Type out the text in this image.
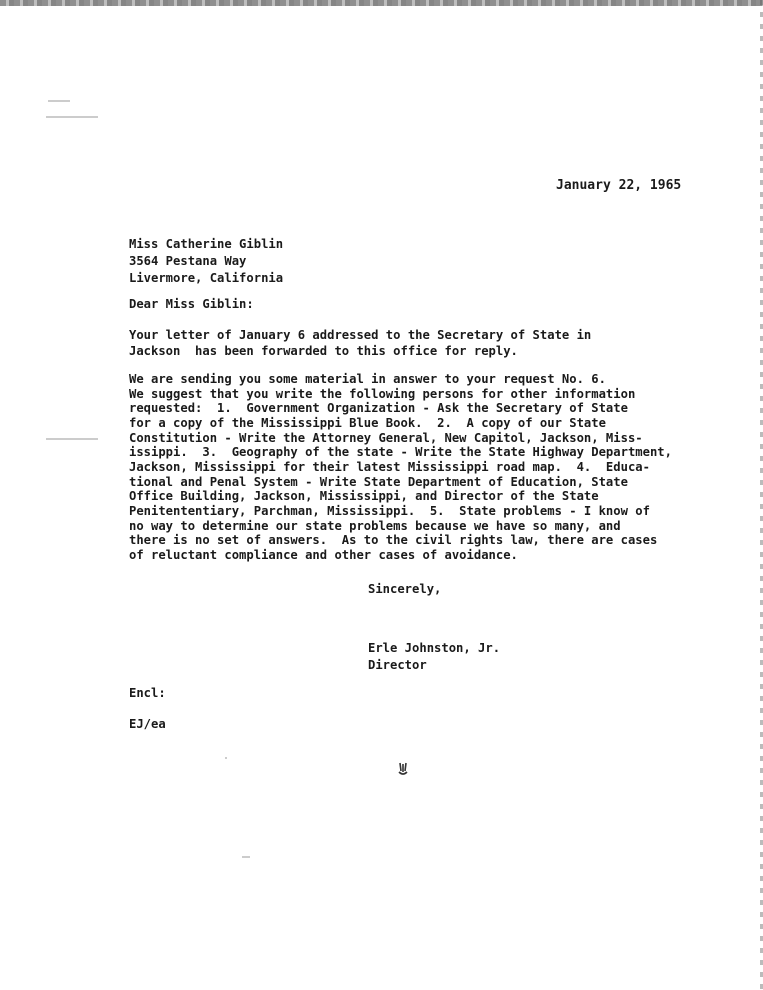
January 22, 1965
Miss Catherine Giblin
3564 Pestana Way
Livermore, California
Dear Miss Giblin:
Your letter of January 6 addressed to the Secretary of State in
Jackson  has been forwarded to this office for reply.
We are sending you some material in answer to your request No. 6.
We suggest that you write the following persons for other information
requested:  1.  Government Organization - Ask the Secretary of State
for a copy of the Mississippi Blue Book.  2.  A copy of our State
Constitution - Write the Attorney General, New Capitol, Jackson, Miss-
issippi.  3.  Geography of the state - Write the State Highway Department,
Jackson, Mississippi for their latest Mississippi road map.  4.  Educa-
tional and Penal System - Write State Department of Education, State
Office Building, Jackson, Mississippi, and Director of the State
Penitententiary, Parchman, Mississippi.  5.  State problems - I know of
no way to determine our state problems because we have so many, and
there is no set of answers.  As to the civil rights law, there are cases
of reluctant compliance and other cases of avoidance.
Sincerely,
Erle Johnston, Jr.
Director
Encl:
EJ/ea
